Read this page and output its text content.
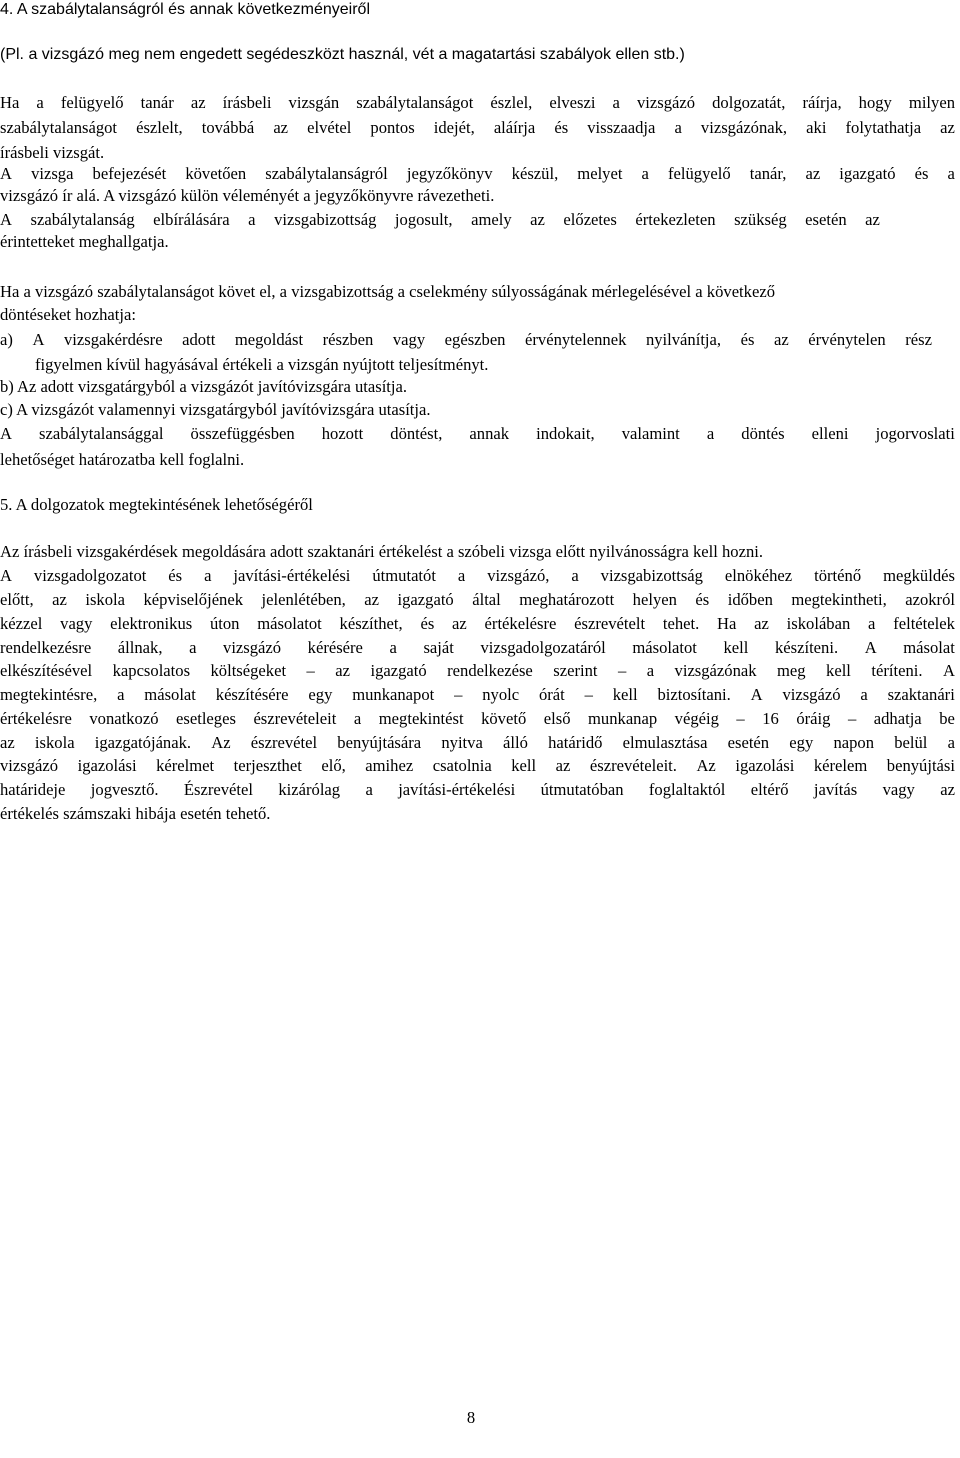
4. A szabálytalanságról és annak következményeiről
(Pl. a vizsgázó meg nem engedett segédeszközt használ, vét a magatartási szabályok ellen stb.)
Ha a felügyelő tanár az írásbeli vizsgán szabálytalanságot észlel, elveszi a vizsgázó dolgozatát, ráírja, hogy milyen
szabálytalanságot észlelt, továbbá az elvétel pontos idejét, aláírja és visszaadja a vizsgázónak, aki folytathatja az
írásbeli vizsgát.
A vizsga befejezését követően szabálytalanságról jegyzőkönyv készül, melyet a felügyelő tanár, az igazgató és a
vizsgázó ír alá. A vizsgázó külön véleményét a jegyzőkönyvre rávezetheti.
A szabálytalanság elbírálására a vizsgabizottság jogosult, amely az előzetes értekezleten szükség esetén az
érintetteket meghallgatja.
Ha a vizsgázó szabálytalanságot követ el, a vizsgabizottság a cselekmény súlyosságának mérlegelésével a következő
döntéseket hozhatja:
a) A vizsgakérdésre adott megoldást részben vagy egészben érvénytelennek nyilvánítja, és az érvénytelen rész
figyelmen kívül hagyásával értékeli a vizsgán nyújtott teljesítményt.
b) Az adott vizsgatárgyból a vizsgázót javítóvizsgára utasítja.
c) A vizsgázót valamennyi vizsgatárgyból javítóvizsgára utasítja.
A szabálytalansággal összefüggésben hozott döntést, annak indokait, valamint a döntés elleni jogorvoslati
lehetőséget határozatba kell foglalni.
5. A dolgozatok megtekintésének lehetőségéről
Az írásbeli vizsgakérdések megoldására adott szaktanári értékelést a szóbeli vizsga előtt nyilvánosságra kell hozni.
A vizsgadolgozatot és a javítási-értékelési útmutatót a vizsgázó, a vizsgabizottság elnökéhez történő megküldés
előtt, az iskola képviselőjének jelenlétében, az igazgató által meghatározott helyen és időben megtekintheti, azokról
kézzel vagy elektronikus úton másolatot készíthet, és az értékelésre észrevételt tehet. Ha az iskolában a feltételek
rendelkezésre állnak, a vizsgázó kérésére a saját vizsgadolgozatáról másolatot kell készíteni. A másolat
elkészítésével kapcsolatos költségeket – az igazgató rendelkezése szerint – a vizsgázónak meg kell téríteni. A
megtekintésre, a másolat készítésére egy munkanapot – nyolc órát – kell biztosítani. A vizsgázó a szaktanári
értékelésre vonatkozó esetleges észrevételeit a megtekintést követő első munkanap végéig – 16 óráig – adhatja be
az iskola igazgatójának. Az észrevétel benyújtására nyitva álló határidő elmulasztása esetén egy napon belül a
vizsgázó igazolási kérelmet terjeszthet elő, amihez csatolnia kell az észrevételeit. Az igazolási kérelem benyújtási
határideje jogvesztő. Észrevétel kizárólag a javítási-értékelési útmutatóban foglaltaktól eltérő javítás vagy az
értékelés számszaki hibája esetén tehető.
8
